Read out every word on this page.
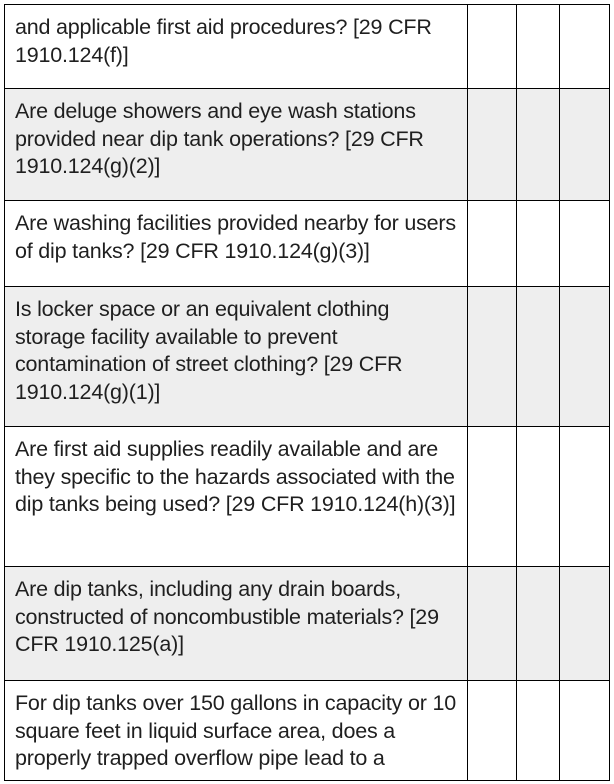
and applicable first aid procedures? [29 CFR 1910.124(f)]			
Are deluge showers and eye wash stations provided near dip tank operations? [29 CFR 1910.124(g)(2)]			
Are washing facilities provided nearby for users of dip tanks? [29 CFR 1910.124(g)(3)]			
Is locker space or an equivalent clothing storage facility available to prevent contamination of street clothing? [29 CFR 1910.124(g)(1)]			
Are first aid supplies readily available and are they specific to the hazards associated with the dip tanks being used? [29 CFR 1910.124(h)(3)]			
Are dip tanks, including any drain boards, constructed of noncombustible materials? [29 CFR 1910.125(a)]			
For dip tanks over 150 gallons in capacity or 10 square feet in liquid surface area, does a properly trapped overflow pipe lead to a			
